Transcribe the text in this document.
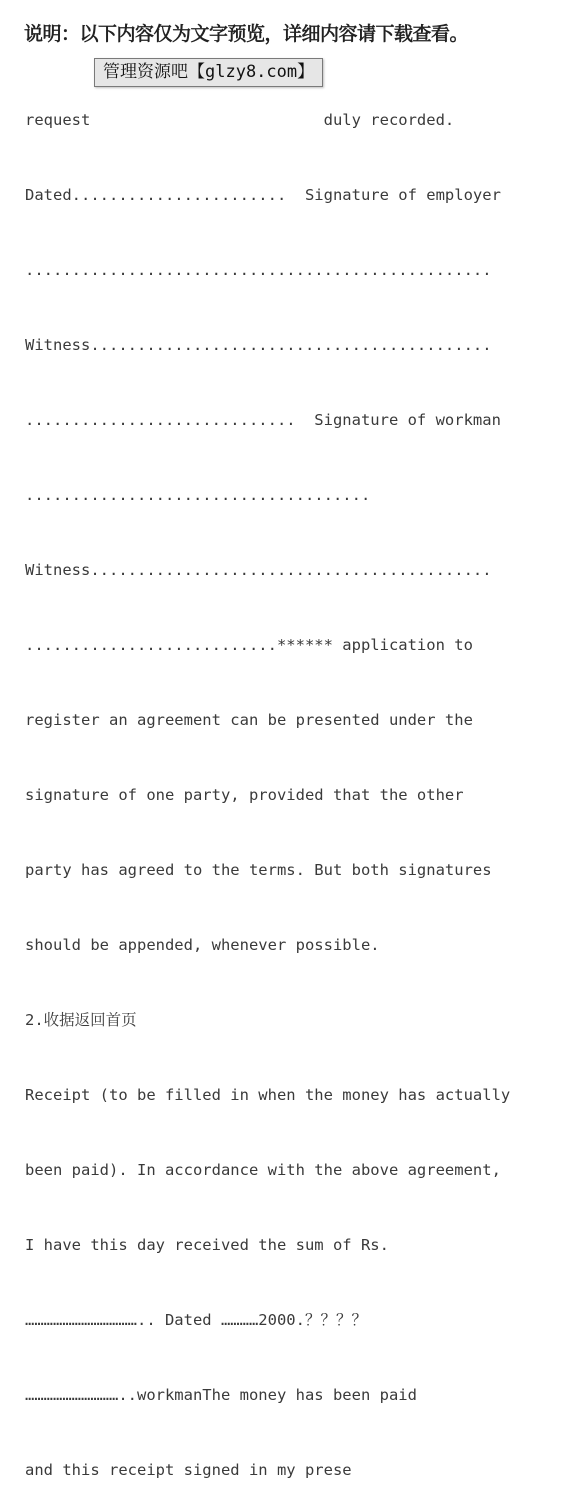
说明：以下内容仅为文字预览，详细内容请下载查看。

request                         duly recorded.

Dated.......................  Signature of employer

..................................................

Witness...........................................

.............................  Signature of workman

.....................................

Witness...........................................

...........................****** application to

register an agreement can be presented under the

signature of one party, provided that the other

party has agreed to the terms. But both signatures

should be appended, whenever possible.

2.收据返回首页

Receipt (to be filled in when the money has actually

been paid). In accordance with the above agreement,

I have this day received the sum of Rs.

……………………………….. Dated …………2000.？？？？

…………………………..workmanThe money has been paid

and this receipt signed in my prese

管理资源吧【glzy8.com】
